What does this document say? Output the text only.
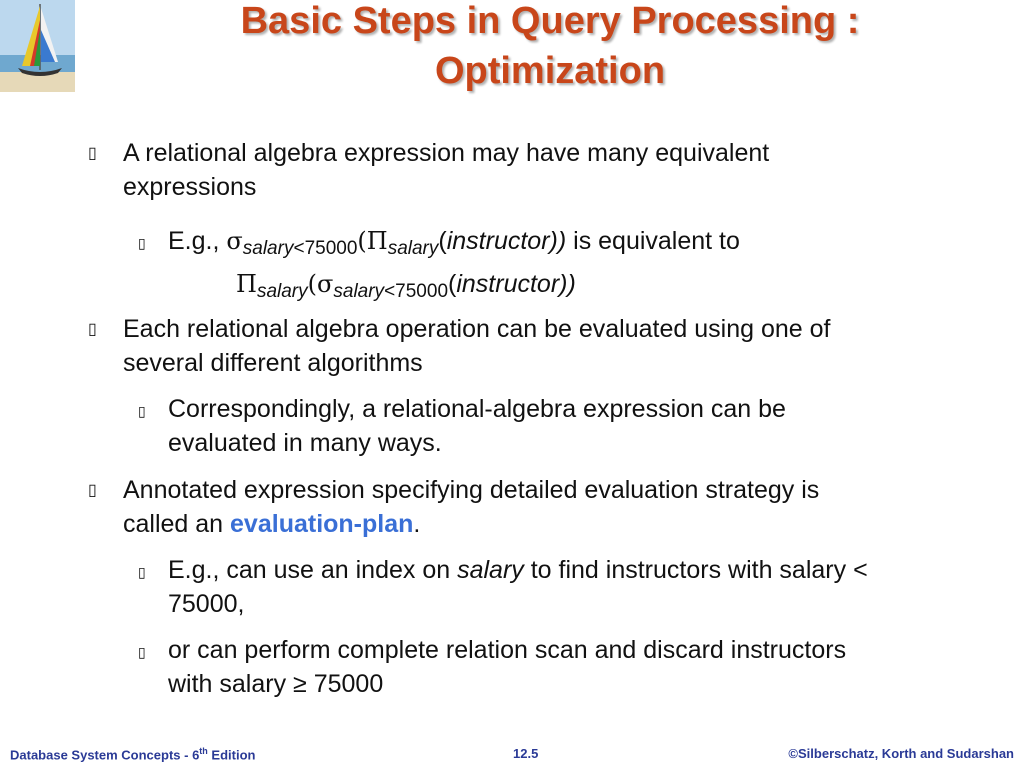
Basic Steps in Query Processing :
Optimization
▯ A relational algebra expression may have many equivalent
expressions
▯ E.g., $\sigma_{salary<75000}(\Pi_{salary}(instructor))$ is equivalent to
$\Pi_{salary}(\sigma_{salary<75000}(instructor))$
▯ Each relational algebra operation can be evaluated using one of
several different algorithms
▯ Correspondingly, a relational-algebra expression can be
evaluated in many ways.
▯ Annotated expression specifying detailed evaluation strategy is
called an evaluation-plan.
▯ E.g., can use an index on salary to find instructors with salary <
75000,
▯ or can perform complete relation scan and discard instructors
with salary ≥ 75000
Database System Concepts - 6th Edition	12.5	©Silberschatz, Korth and Sudarshan
